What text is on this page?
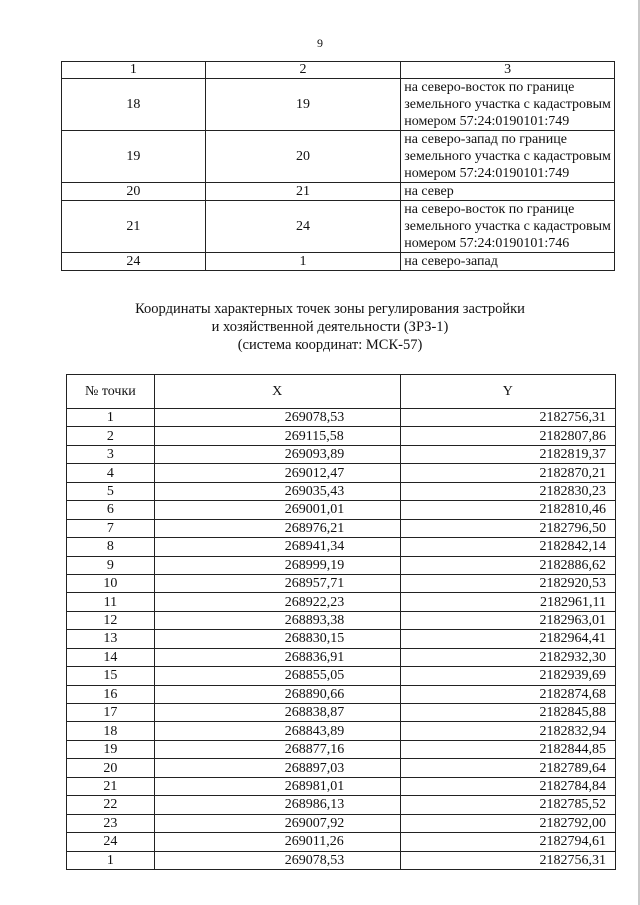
9
1	2	3
18	19	на северо-восток по границе земельного участка с кадастровым номером 57:24:0190101:749
19	20	на северо-запад по границе земельного участка с кадастровым номером 57:24:0190101:749
20	21	на север
21	24	на северо-восток по границе земельного участка с кадастровым номером 57:24:0190101:746
24	1	на северо-запад
Координаты характерных точек зоны регулирования застройки
и хозяйственной деятельности (ЗРЗ-1)
(система координат: МСК-57)
№ точки	X	Y
1	269078,53	2182756,31
2	269115,58	2182807,86
3	269093,89	2182819,37
4	269012,47	2182870,21
5	269035,43	2182830,23
6	269001,01	2182810,46
7	268976,21	2182796,50
8	268941,34	2182842,14
9	268999,19	2182886,62
10	268957,71	2182920,53
11	268922,23	2182961,11
12	268893,38	2182963,01
13	268830,15	2182964,41
14	268836,91	2182932,30
15	268855,05	2182939,69
16	268890,66	2182874,68
17	268838,87	2182845,88
18	268843,89	2182832,94
19	268877,16	2182844,85
20	268897,03	2182789,64
21	268981,01	2182784,84
22	268986,13	2182785,52
23	269007,92	2182792,00
24	269011,26	2182794,61
1	269078,53	2182756,31
